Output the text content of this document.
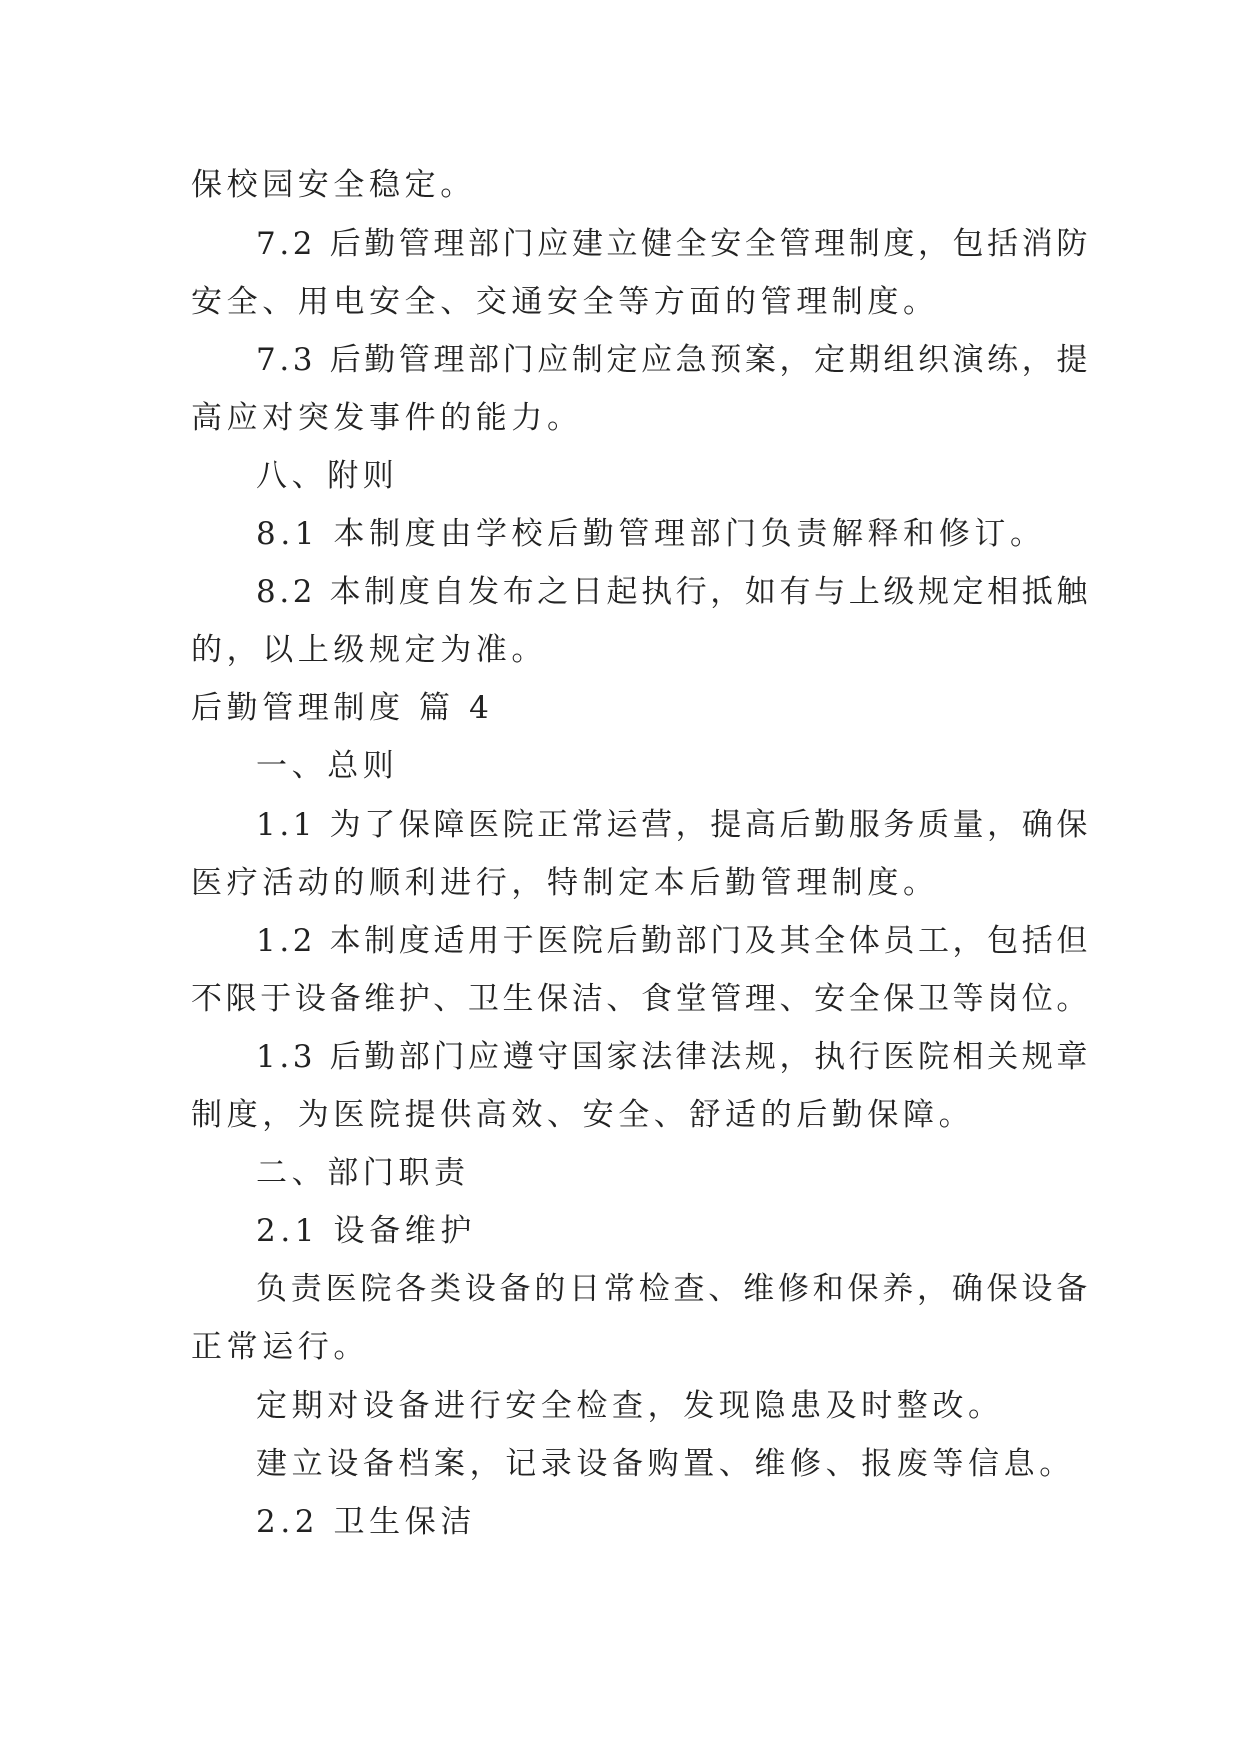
保校园安全稳定。
7.2 后勤管理部门应建立健全安全管理制度，包括消防
安全、用电安全、交通安全等方面的管理制度。
7.3 后勤管理部门应制定应急预案，定期组织演练，提
高应对突发事件的能力。
八、附则
8.1 本制度由学校后勤管理部门负责解释和修订。
8.2 本制度自发布之日起执行，如有与上级规定相抵触
的，以上级规定为准。
后勤管理制度 篇 4
一、总则
1.1 为了保障医院正常运营，提高后勤服务质量，确保
医疗活动的顺利进行，特制定本后勤管理制度。
1.2 本制度适用于医院后勤部门及其全体员工，包括但
不限于设备维护、卫生保洁、食堂管理、安全保卫等岗位。
1.3 后勤部门应遵守国家法律法规，执行医院相关规章
制度，为医院提供高效、安全、舒适的后勤保障。
二、部门职责
2.1 设备维护
负责医院各类设备的日常检查、维修和保养，确保设备
正常运行。
定期对设备进行安全检查，发现隐患及时整改。
建立设备档案，记录设备购置、维修、报废等信息。
2.2 卫生保洁
